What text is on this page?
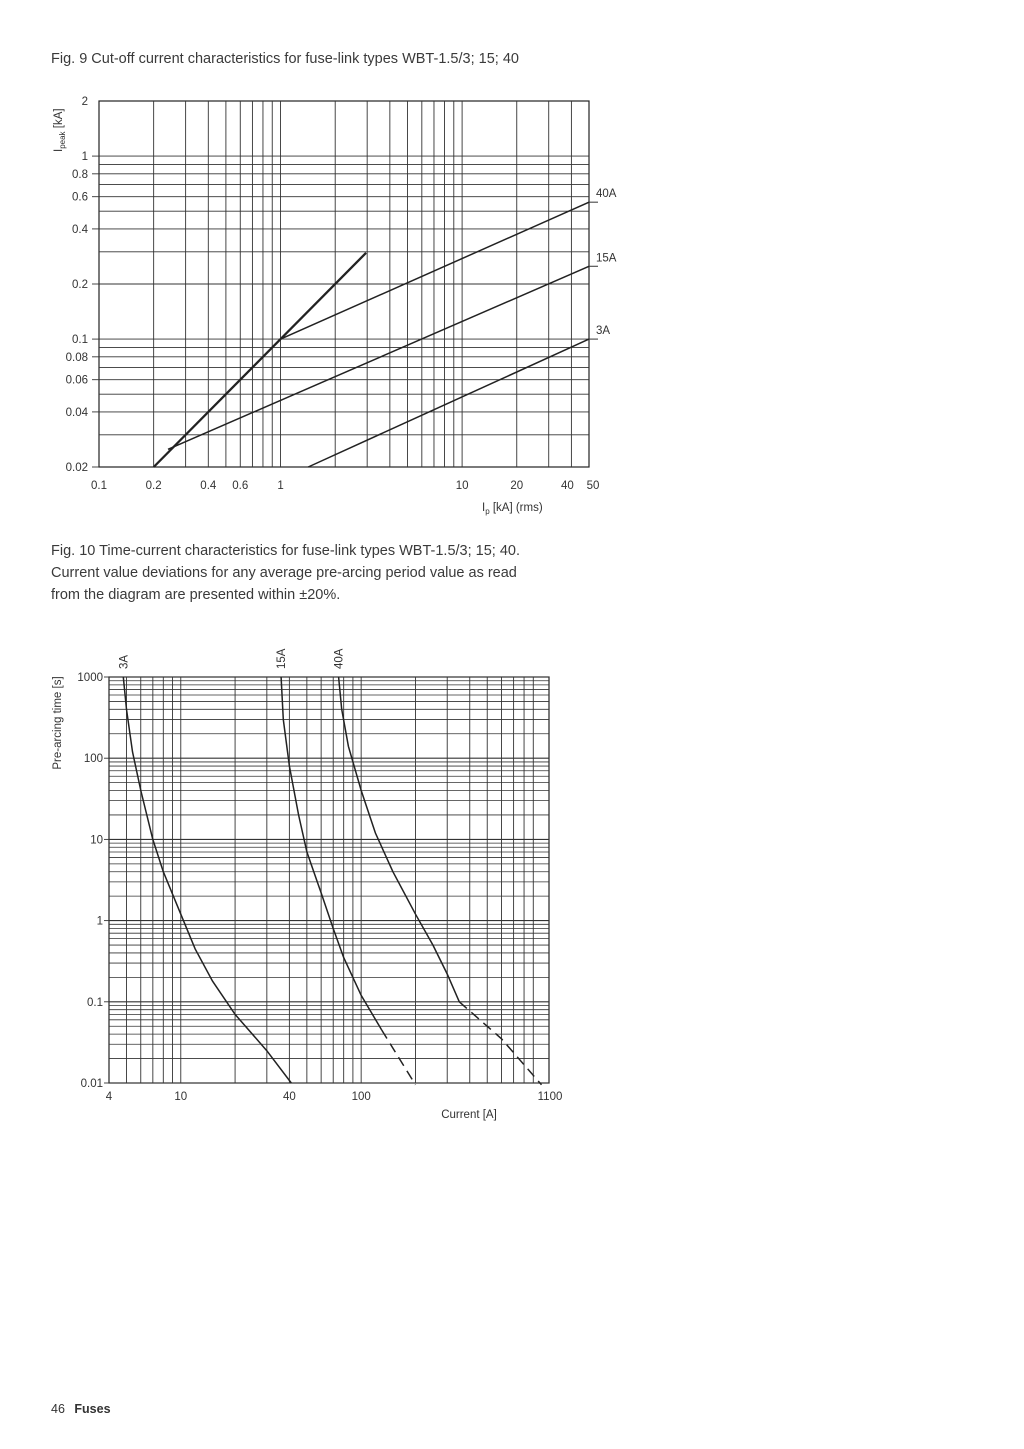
Fig. 9 Cut-off current characteristics for fuse-link types WBT-1.5/3; 15; 40
Fig. 10 Time-current characteristics for fuse-link types WBT-1.5/3; 15; 40.
Current value deviations for any average pre-arcing period value as read
from the diagram are presented within ±20%.
0.02
0.04
0.06
0.08
0.1
0.2
0.4
0.6
0.8
1
2
0.1	0.2	0.4 0.6	1	10	20	40 50
$I_{peak}$ [kA]
$I_p$ [kA] (rms)
40A
15A
3A
0.01
0.1
1
10
100
1000
4	10	40	100	1100
Pre-arcing time [s]
Current [A]
3A	15A	40A
46 Fuses
